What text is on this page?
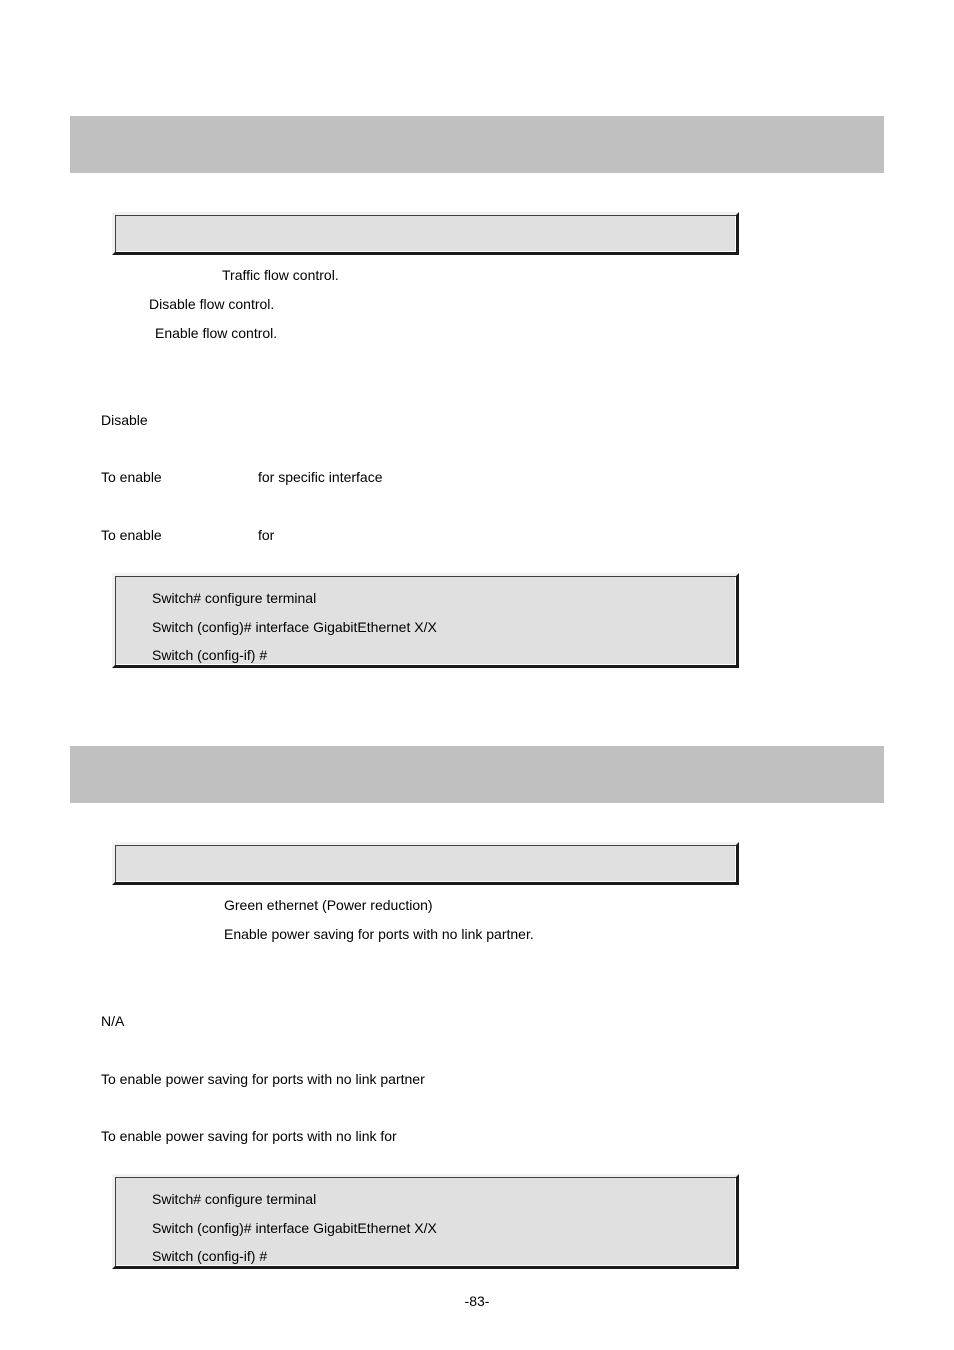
Traffic flow control.
Disable flow control.
Enable flow control.
Disable
To enable	for specific interface
To enable	for
Switch# configure terminal
Switch (config)# interface GigabitEthernet X/X
Switch (config-if) #
Green ethernet (Power reduction)
Enable power saving for ports with no link partner.
N/A
To enable power saving for ports with no link partner
To enable power saving for ports with no link for
Switch# configure terminal
Switch (config)# interface GigabitEthernet X/X
Switch (config-if) #
-83-
